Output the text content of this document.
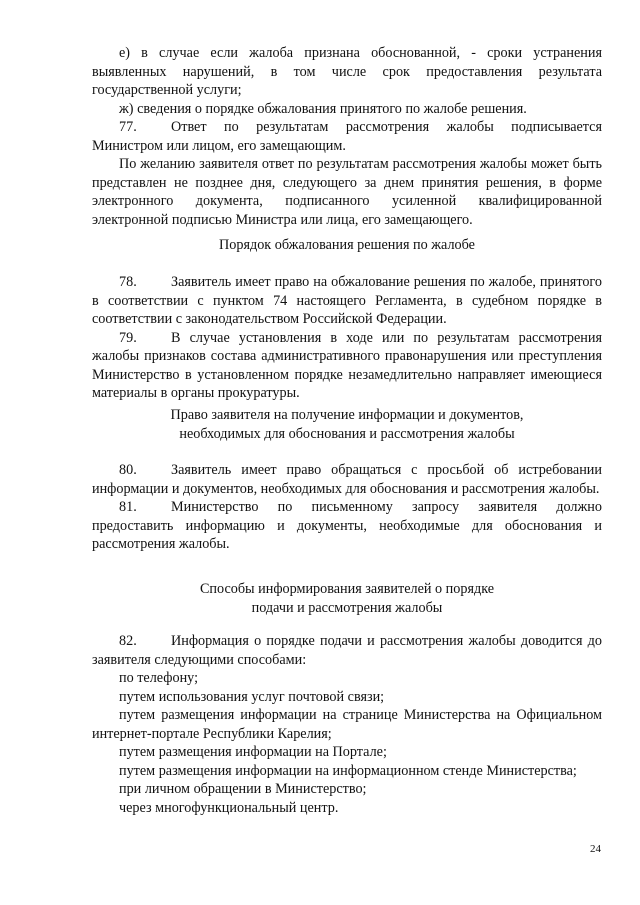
е) в случае если жалоба признана обоснованной, - сроки устранения выявленных нарушений, в том числе срок предоставления результата государственной услуги;

ж) сведения о порядке обжалования принятого по жалобе решения.

77. Ответ по результатам рассмотрения жалобы подписывается Министром или лицом, его замещающим.

По желанию заявителя ответ по результатам рассмотрения жалобы может быть представлен не позднее дня, следующего за днем принятия решения, в форме электронного документа, подписанного усиленной квалифицированной электронной подписью Министра или лица, его замещающего.

Порядок обжалования решения по жалобе

78. Заявитель имеет право на обжалование решения по жалобе, принятого в соответствии с пунктом 74 настоящего Регламента, в судебном порядке в соответствии с законодательством Российской Федерации.

79. В случае установления в ходе или по результатам рассмотрения жалобы признаков состава административного правонарушения или преступления Министерство в установленном порядке незамедлительно направляет имеющиеся материалы в органы прокуратуры.

Право заявителя на получение информации и документов,
необходимых для обоснования и рассмотрения жалобы

80. Заявитель имеет право обращаться с просьбой об истребовании информации и документов, необходимых для обоснования и рассмотрения жалобы.

81. Министерство по письменному запросу заявителя должно предоставить информацию и документы, необходимые для обоснования и рассмотрения жалобы.

Способы информирования заявителей о порядке
подачи и рассмотрения жалобы

82. Информация о порядке подачи и рассмотрения жалобы доводится до заявителя следующими способами:

по телефону;

путем использования услуг почтовой связи;

путем размещения информации на странице Министерства на Официальном интернет-портале Республики Карелия;

путем размещения информации на Портале;

путем размещения информации на информационном стенде Министерства;

при личном обращении в Министерство;

через многофункциональный центр.

24
